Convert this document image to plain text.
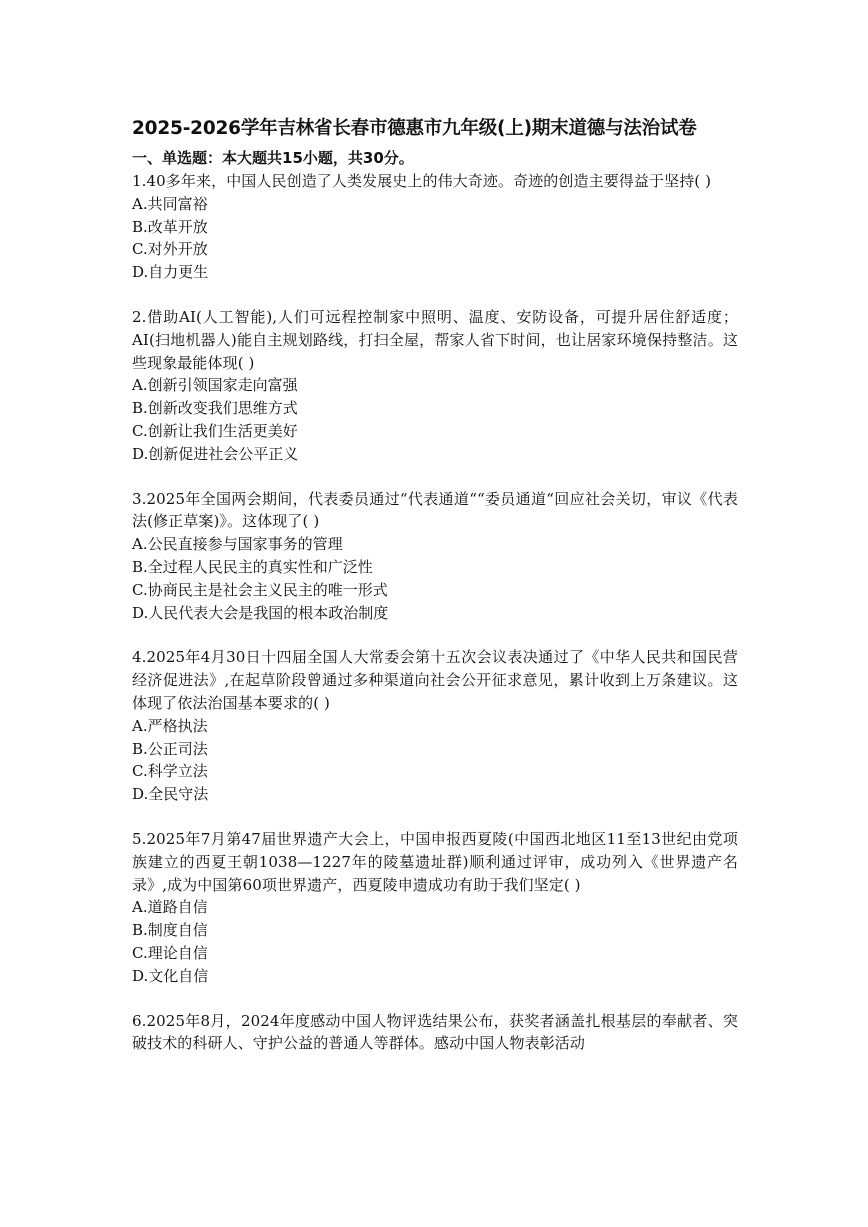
2025-2026学年吉林省长春市德惠市九年级(上)期末道德与法治试卷
一、单选题：本大题共15小题，共30分。

1.40多年来，中国人民创造了人类发展史上的伟大奇迹。奇迹的创造主要得益于坚持( )

A.共同富裕
B.改革开放
C.对外开放
D.自力更生

2.借助AI(人工智能),人们可远程控制家中照明、温度、安防设备，可提升居住舒适度；AI(扫地机器人)能自主规划路线，打扫全屋，帮家人省下时间，也让居家环境保持整洁。这些现象最能体现( )

A.创新引领国家走向富强
B.创新改变我们思维方式
C.创新让我们生活更美好
D.创新促进社会公平正义

3.2025年全国两会期间，代表委员通过“代表通道““委员通道“回应社会关切，审议《代表法(修正草案)》。这体现了( )

A.公民直接参与国家事务的管理
B.全过程人民民主的真实性和广泛性
C.协商民主是社会主义民主的唯一形式
D.人民代表大会是我国的根本政治制度

4.2025年4月30日十四届全国人大常委会第十五次会议表决通过了《中华人民共和国民营经济促进法》,在起草阶段曾通过多种渠道向社会公开征求意见，累计收到上万条建议。这体现了依法治国基本要求的( )

A.严格执法
B.公正司法
C.科学立法
D.全民守法

5.2025年7月第47届世界遗产大会上，中国申报西夏陵(中国西北地区11至13世纪由党项族建立的西夏王朝1038—1227年的陵墓遗址群)顺利通过评审，成功列入《世界遗产名录》,成为中国第60项世界遗产，西夏陵申遗成功有助于我们坚定( )

A.道路自信
B.制度自信
C.理论自信
D.文化自信

6.2025年8月，2024年度感动中国人物评选结果公布，获奖者涵盖扎根基层的奉献者、突破技术的科研人、守护公益的普通人等群体。感动中国人物表彰活动
